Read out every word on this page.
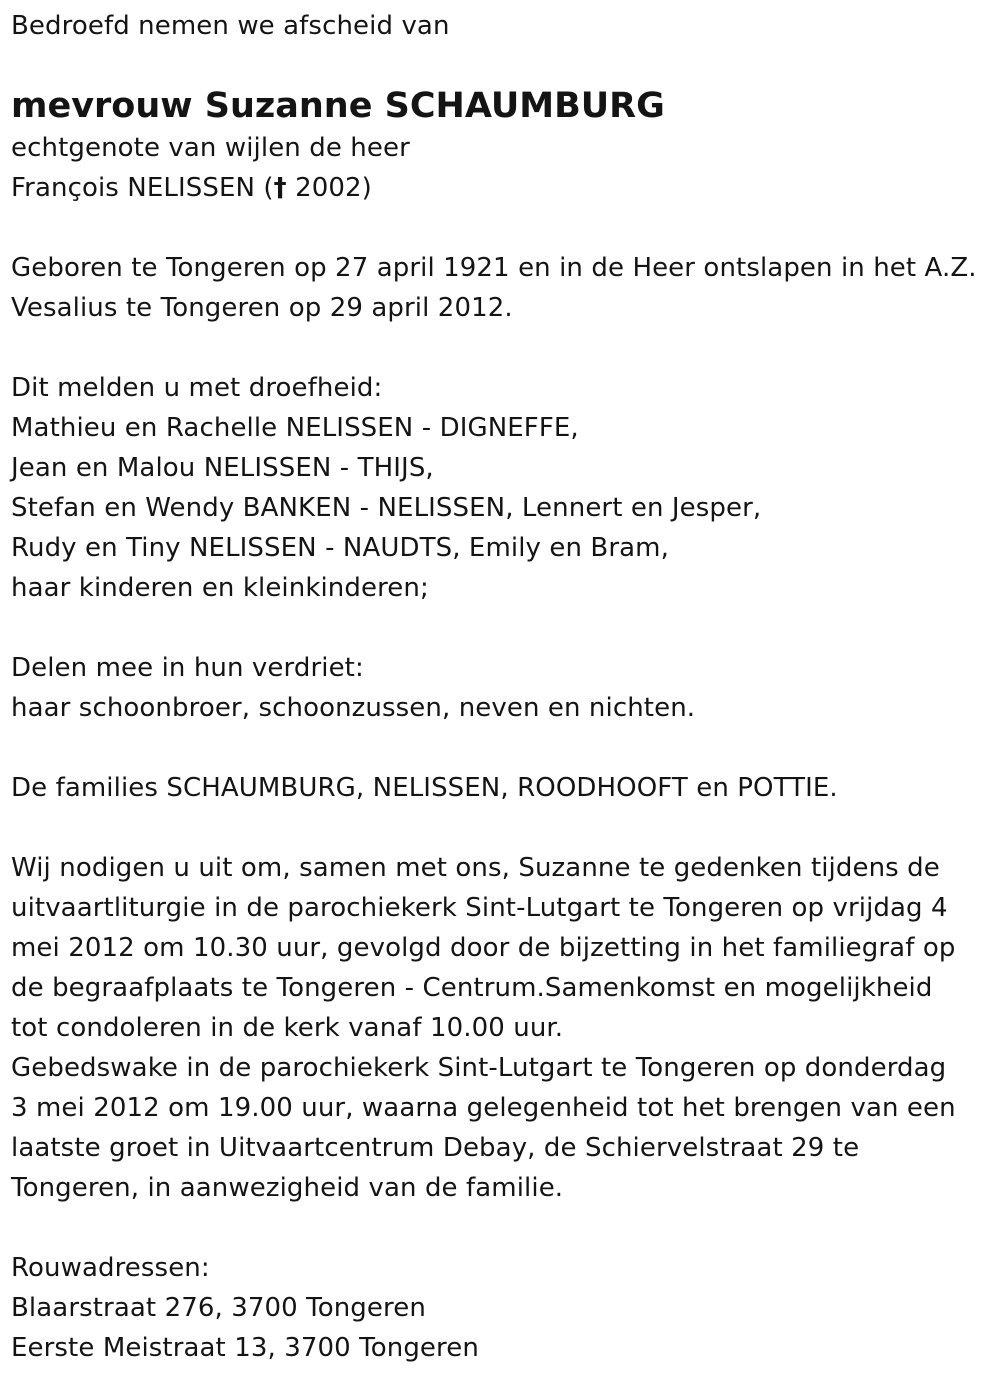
Bedroefd nemen we afscheid van
mevrouw Suzanne SCHAUMBURG
echtgenote van wijlen de heer
François NELISSEN († 2002)
Geboren te Tongeren op 27 april 1921 en in de Heer ontslapen in het A.Z.
Vesalius te Tongeren op 29 april 2012.
Dit melden u met droefheid:
Mathieu en Rachelle NELISSEN - DIGNEFFE,
Jean en Malou NELISSEN - THIJS,
Stefan en Wendy BANKEN - NELISSEN, Lennert en Jesper,
Rudy en Tiny NELISSEN - NAUDTS, Emily en Bram,
haar kinderen en kleinkinderen;
Delen mee in hun verdriet:
haar schoonbroer, schoonzussen, neven en nichten.
De families SCHAUMBURG, NELISSEN, ROODHOOFT en POTTIE.
Wij nodigen u uit om, samen met ons, Suzanne te gedenken tijdens de
uitvaartliturgie in de parochiekerk Sint-Lutgart te Tongeren op vrijdag 4
mei 2012 om 10.30 uur, gevolgd door de bijzetting in het familiegraf op
de begraafplaats te Tongeren - Centrum.Samenkomst en mogelijkheid
tot condoleren in de kerk vanaf 10.00 uur.
Gebedswake in de parochiekerk Sint-Lutgart te Tongeren op donderdag
3 mei 2012 om 19.00 uur, waarna gelegenheid tot het brengen van een
laatste groet in Uitvaartcentrum Debay, de Schiervelstraat 29 te
Tongeren, in aanwezigheid van de familie.
Rouwadressen:
Blaarstraat 276, 3700 Tongeren
Eerste Meistraat 13, 3700 Tongeren
